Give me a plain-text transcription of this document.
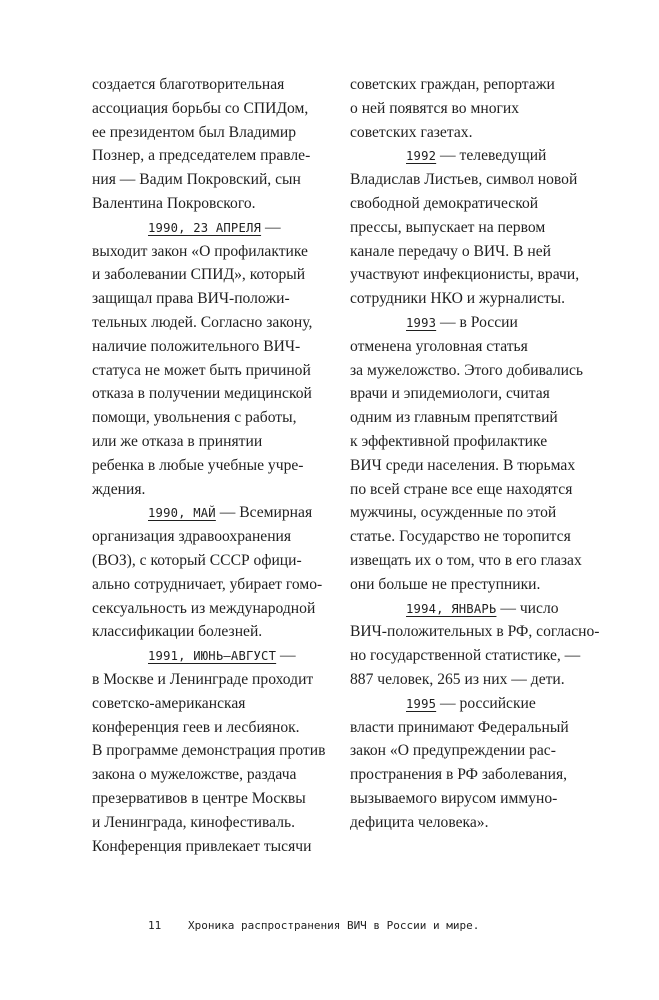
создается благотворительная
ассоциация борьбы со СПИДом,
ее президентом был Владимир
Познер, а председателем правле-
ния — Вадим Покровский, сын
Валентина Покровского.
1990, 23 АПРЕЛЯ —
выходит закон «О профилактике
и заболевании СПИД», который
защищал права ВИЧ-положи-
тельных людей. Согласно закону,
наличие положительного ВИЧ-
статуса не может быть причиной
отказа в получении медицинской
помощи, увольнения с работы,
или же отказа в принятии
ребенка в любые учебные учре-
ждения.
1990, МАЙ — Всемирная
организация здравоохранения
(ВОЗ), с который СССР офици-
ально сотрудничает, убирает гомо-
сексуальность из международной
классификации болезней.
1991, ИЮНЬ–АВГУСТ —
в Москве и Ленинграде проходит
советско-американская
конференция геев и лесбиянок.
В программе демонстрация против
закона о мужеложстве, раздача
презервативов в центре Москвы
и Ленинграда, кинофестиваль.
Конференция привлекает тысячи
советских граждан, репортажи
о ней появятся во многих
советских газетах.
1992 — телеведущий
Владислав Листьев, символ новой
свободной демократической
прессы, выпускает на первом
канале передачу о ВИЧ. В ней
участвуют инфекционисты, врачи,
сотрудники НКО и журналисты.
1993 — в России
отменена уголовная статья
за мужеложство. Этого добивались
врачи и эпидемиологи, считая
одним из главным препятствий
к эффективной профилактике
ВИЧ среди населения. В тюрьмах
по всей стране все еще находятся
мужчины, осужденные по этой
статье. Государство не торопится
извещать их о том, что в его глазах
они больше не преступники.
1994, ЯНВАРЬ — число
ВИЧ-положительных в РФ, согласно-
но государственной статистике, —
887 человек, 265 из них — дети.
1995 — российские
власти принимают Федеральный
закон «О предупреждении рас-
пространения в РФ заболевания,
вызываемого вирусом иммуно-
дефицита человека».
11 Хроника распространения ВИЧ в России и мире.
